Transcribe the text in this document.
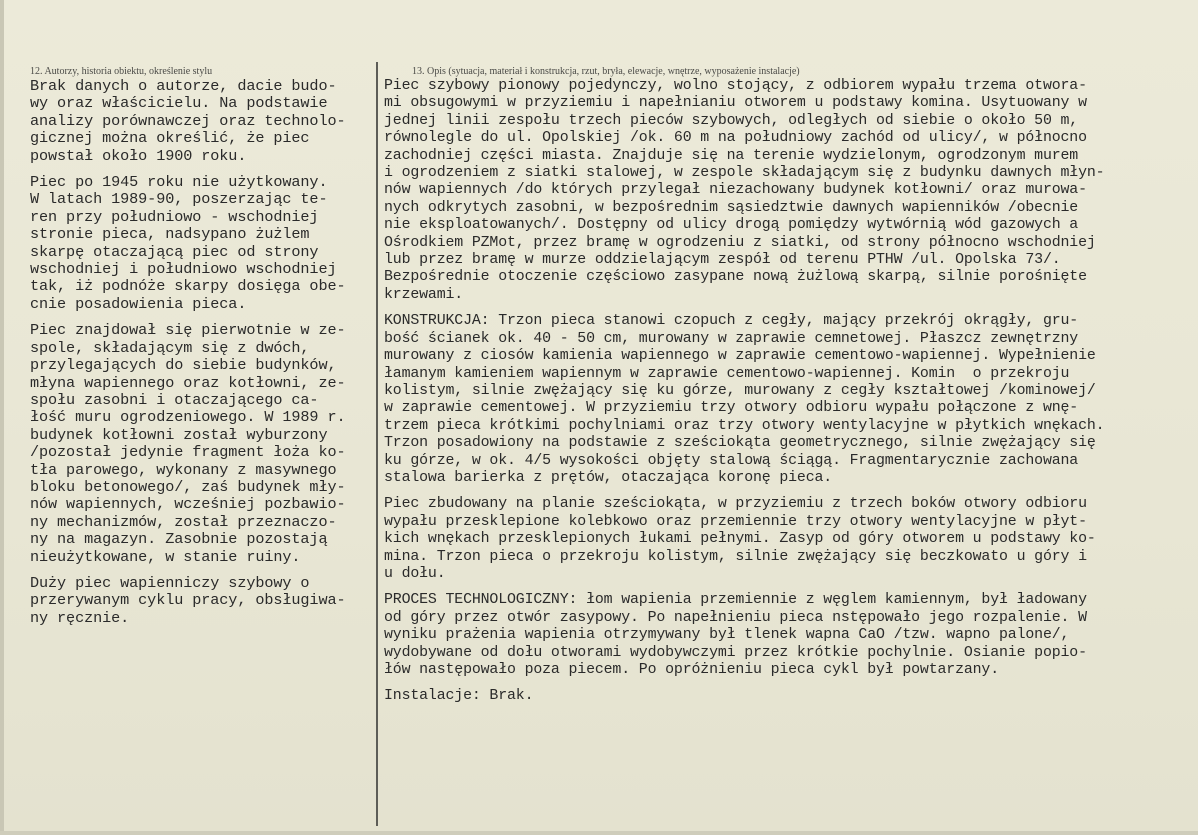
12. Autorzy, historia obiektu, określenie stylu	13. Opis (sytuacja, materiał i konstrukcja, rzut, bryła, elewacje, wnętrze, wyposażenie instalacje)
Brak danych o autorze, dacie budo-
wy oraz właścicielu. Na podstawie
analizy porównawczej oraz technolo-
gicznej można określić, że piec
powstał około 1900 roku.
Piec po 1945 roku nie użytkowany.
W latach 1989-90, poszerzając te-
ren przy południowo - wschodniej
stronie pieca, nadsypano żużlem
skarpę otaczającą piec od strony
wschodniej i południowo wschodniej
tak, iż podnóże skarpy dosięga obe-
cnie posadowienia pieca.
Piec znajdował się pierwotnie w ze-
spole, składającym się z dwóch,
przylegających do siebie budynków,
młyna wapiennego oraz kotłowni, ze-
społu zasobni i otaczającego ca-
łość muru ogrodzeniowego. W 1989 r.
budynek kotłowni został wyburzony
/pozostał jedynie fragment łoża ko-
tła parowego, wykonany z masywnego
bloku betonowego/, zaś budynek mły-
nów wapiennych, wcześniej pozbawio-
ny mechanizmów, został przeznaczo-
ny na magazyn. Zasobnie pozostają
nieużytkowane, w stanie ruiny.
Duży piec wapienniczy szybowy o
przerywanym cyklu pracy, obsługiwa-
ny ręcznie.
Piec szybowy pionowy pojedynczy, wolno stojący, z odbiorem wypału trzema otwora-
mi obsugowymi w przyziemiu i napełnianiu otworem u podstawy komina. Usytuowany w
jednej linii zespołu trzech pieców szybowych, odległych od siebie o około 50 m,
równolegle do ul. Opolskiej /ok. 60 m na południowy zachód od ulicy/, w północno
zachodniej części miasta. Znajduje się na terenie wydzielonym, ogrodzonym murem
i ogrodzeniem z siatki stalowej, w zespole składającym się z budynku dawnych młyn-
nów wapiennych /do których przylegał niezachowany budynek kotłowni/ oraz murowa-
nych odkrytych zasobni, w bezpośrednim sąsiedztwie dawnych wapienników /obecnie
nie eksploatowanych/. Dostępny od ulicy drogą pomiędzy wytwórnią wód gazowych a
Ośrodkiem PZMot, przez bramę w ogrodzeniu z siatki, od strony północno wschodniej
lub przez bramę w murze oddzielającym zespół od terenu PTHW /ul. Opolska 73/.
Bezpośrednie otoczenie częściowo zasypane nową żużlową skarpą, silnie porośnięte
krzewami.
KONSTRUKCJA: Trzon pieca stanowi czopuch z cegły, mający przekrój okrągły, gru-
bość ścianek ok. 40 - 50 cm, murowany w zaprawie cemnetowej. Płaszcz zewnętrzny
murowany z ciosów kamienia wapiennego w zaprawie cementowo-wapiennej. Wypełnienie
łamanym kamieniem wapiennym w zaprawie cementowo-wapiennej. Komin  o przekroju
kolistym, silnie zwężający się ku górze, murowany z cegły kształtowej /kominowej/
w zaprawie cementowej. W przyziemiu trzy otwory odbioru wypału połączone z wnę-
trzem pieca krótkimi pochylniami oraz trzy otwory wentylacyjne w płytkich wnękach.
Trzon posadowiony na podstawie z sześciokąta geometrycznego, silnie zwężający się
ku górze, w ok. 4/5 wysokości objęty stalową ściągą. Fragmentarycznie zachowana
stalowa barierka z prętów, otaczająca koronę pieca.
Piec zbudowany na planie sześciokąta, w przyziemiu z trzech boków otwory odbioru
wypału przesklepione kolebkowo oraz przemiennie trzy otwory wentylacyjne w płyt-
kich wnękach przesklepionych łukami pełnymi. Zasyp od góry otworem u podstawy ko-
mina. Trzon pieca o przekroju kolistym, silnie zwężający się beczkowato u góry i
u dołu.
PROCES TECHNOLOGICZNY: łom wapienia przemiennie z węglem kamiennym, był ładowany
od góry przez otwór zasypowy. Po napełnieniu pieca nstępowało jego rozpalenie. W
wyniku prażenia wapienia otrzymywany był tlenek wapna CaO /tzw. wapno palone/,
wydobywane od dołu otworami wydobywczymi przez krótkie pochylnie. Osianie popio-
łów następowało poza piecem. Po opróżnieniu pieca cykl był powtarzany.
Instalacje: Brak.
